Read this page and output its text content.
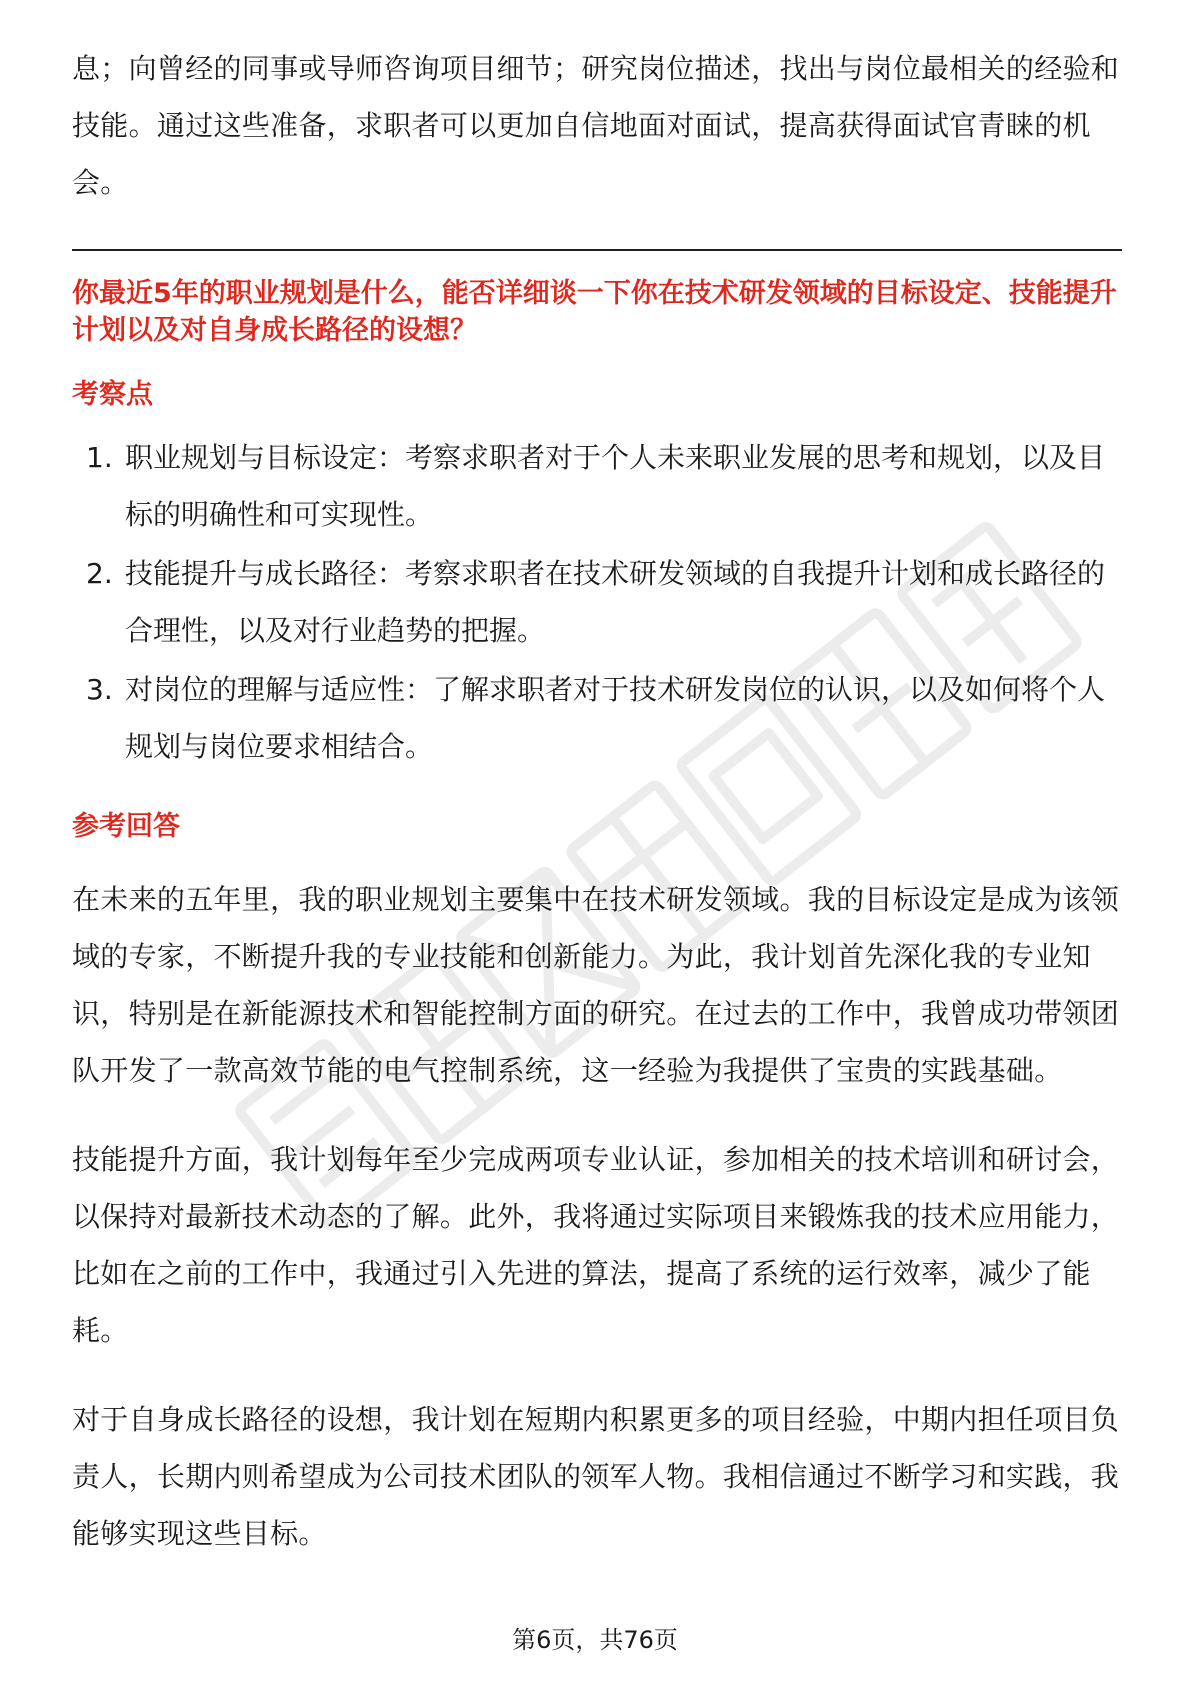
息；向曾经的同事或导师咨询项目细节；研究岗位描述，找出与岗位最相关的经验和技能。通过这些准备，求职者可以更加自信地面对面试，提高获得面试官青睐的机会。

你最近5年的职业规划是什么，能否详细谈一下你在技术研发领域的目标设定、技能提升计划以及对自身成长路径的设想？

考察点
1. 职业规划与目标设定：考察求职者对于个人未来职业发展的思考和规划，以及目标的明确性和可实现性。
2. 技能提升与成长路径：考察求职者在技术研发领域的自我提升计划和成长路径的合理性，以及对行业趋势的把握。
3. 对岗位的理解与适应性：了解求职者对于技术研发岗位的认识，以及如何将个人规划与岗位要求相结合。
参考回答

在未来的五年里，我的职业规划主要集中在技术研发领域。我的目标设定是成为该领域的专家，不断提升我的专业技能和创新能力。为此，我计划首先深化我的专业知识，特别是在新能源技术和智能控制方面的研究。在过去的工作中，我曾成功带领团队开发了一款高效节能的电气控制系统，这一经验为我提供了宝贵的实践基础。

技能提升方面，我计划每年至少完成两项专业认证，参加相关的技术培训和研讨会，以保持对最新技术动态的了解。此外，我将通过实际项目来锻炼我的技术应用能力，比如在之前的工作中，我通过引入先进的算法，提高了系统的运行效率，减少了能耗。

对于自身成长路径的设想，我计划在短期内积累更多的项目经验，中期内担任项目负责人，长期内则希望成为公司技术团队的领军人物。我相信通过不断学习和实践，我能够实现这些目标。

第6页，共76页
